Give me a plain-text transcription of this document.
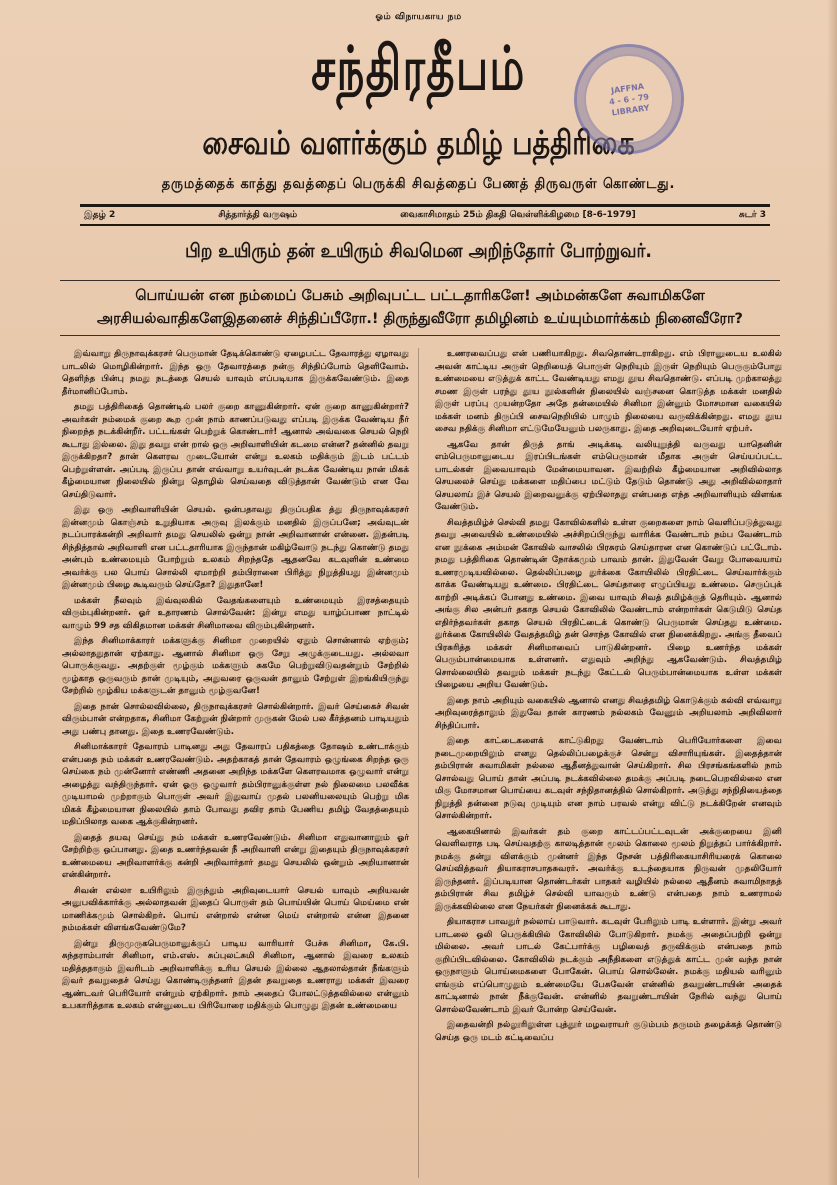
ஓம் விநாயகாய நம
சந்திரதீபம்
சைவம் வளர்க்கும் தமிழ் பத்திரிகை
தருமத்தைக் காத்து தவத்தைப் பெருக்கி சிவத்தைப் பேணத் திருவருள் கொண்டது.
JAFFNA
4 - 6 - 79
LIBRARY
இதழ் 2	சித்தார்த்தி வருஷம்	வைகாசிமாதம் 25ம் திகதி வெள்ளிக்கிழமை [8-6-1979]	சுடர் 3
பிற உயிரும் தன் உயிரும் சிவமென அறிந்தோர் போற்றுவர்.
பொய்யன் என நம்மைப் பேசும் அறிவுபட்ட பட்டதாரிகளே! அம்மன்களே சுவாமிகளே
அரசியல்வாதிகளேஇதனைச் சிந்திப்பீரோ.! திருந்துவீரோ தமிழினம் உய்யும்மார்க்கம் நினைவீரோ?

இவ்வாறு திருநாவுக்கரசர் பெருமான் தேடிக்கொண்டு ஏழைபட்ட தேவாரத்து ஏழாவது பாடலில் மொழிகின்றார். இந்த ஒரு தேவாரத்தை நன்கு சிந்திப்போம் தெளிவோம். தெளிந்த பின்பு நமது நடத்தை செயல் யாவும் எப்படியாக இருக்கவேண்டும். இதை தீர்மானிப்போம்.

தமது பத்திரிகைத் தொண்டில் பலர் குறை காணுகின்றார். ஏன் குறை காணுகின்றார்? அவர்கள் நம்மைக் குறை கூற முன் நாம் காணப்படுவது எப்படி இருக்க வேண்டிய நீர் நிறைந்த நடக்கின்றீர். பட்டங்கள் பெற்றுக் கொண்டார்! ஆனால் அவ்வகை செயல் நெறி கூடாது இல்லை. இது தவறு என் றால் ஒரு அறிவாளியின் கடமை என்ன? தன்னில் தவறு இருக்கிறதா? தான் கௌரவ முடையோன் என்று உலகம் மதிக்கும் இடம் பட்டம் பெற்றுள்ளன். அப்படி இருப்ப தான் எவ்வாறு உயர்வுடன் நடக்க வேண்டிய நான் மிகக் கீழ்மையான நிலையில் நின்று தொழில் செய்வதை விடுத்தான் வேண்டும் என வே செய்திடுவார்.

இது ஒரு அறிவாளியின் செயல். ஒன்பதாவது திருப்பதிக த்து திருநாவுக்கரசர் இன்னமும் கொஞ்சம் உறுதியாக அருவு இலக்கும் மனதில் இருப்பனே; அவ்வுடன் நடப்பாரக்கன்றி அறிவார் தமது செயலில் ஒன்று நான் அறிவானான் என்னை. இதன்படி சிந்தித்தால் அறிவாளி என பட்டதாரியாக இருந்தான் மகிழ்வோடு நடந்து கொண்டு தமது அன்பும் உண்மையும் போற்றும் உலகம் சிறந்ததே ஆதனவே கடவுளின் உண்மை அவர்க்கு பல பொய் சொல்லி ஏமாற்றி தம்பிரானை பிரித்து நிறுத்தியது இன்னமும் இன்னமும் பிழை கூடிவரும் செய்தோ? இதுதானே!

மக்கள் நீலவும் இவ்வுலகில் வேதங்களையும் உண்மையும் இரசத்தையும் விரும்புகின்றனர். ஓர் உதாரணம் சொல்வேன்: இன்று எமது யாழ்ப்பாண நாட்டில் வாழும் 99 சத விகிதமான மக்கள் சினிமாவை விரும்புகின்றனர்.

இந்த சினிமாக்காரர் மக்களுக்கு சினிமா முறையில் ஏதும் சொன்னால் ஏற்கும்; அல்லாததுதான் ஏற்காது. ஆனால் சினிமா ஒரு சேறு அழுக்குடையது. அல்லவா பொருக்குவது. அதற்குள் மூழ்கும் மக்களும் சுகமே பெற்றுவிடுவதன்றும் சேற்றில் மூழ்காத ஒருவரும் தான் முடியும், அதுவரை ஒருவன் தானும் சேற்றுள் இறங்கியிருந்து சேற்றில் மூழ்கிய மக்களுடன் தானும் மூழ்குவனே!

இதை நான் சொல்லவில்லை, திருநாவுக்கரசர் சொல்கின்றார். இவர் செய்கைச் சிவன் விரும்பான் என்றதாக, சினிமா கேற்றுன் நின்றார் முருகன் மேல் பல கீர்த்தனம் பாடியதும் அது பண்பு தானது. இதை உணரவேண்டும்.

சினிமாக்காரர் தேவாரம் பாடினது அது தேவாரப் பதிகத்தை தோஷம் உண்டாக்கும் என்பதை நம் மக்கள் உணரவேண்டும். அதற்காகத் தான் தேவாரம் ஒழுங்கை சிறந்த ஒரு செய்கை நம் முன்னோர் எண்ணி அதனை அறிந்த மக்களே கௌரவமாக ஒழுவார் என்று அழைத்து வந்திருந்தார். ஏன் ஓரு ஒழுவார் தம்பிரானுக்குள்ள நல் நிலைமை பலவீக்க முடியாமல் முற்றாகும் பொருள் அவர் இதுவாய் முதல் பலனியலையும் பெற்று மிக மிகக் கீழ்மையான நிலையில் தாம் போவது தவிர தாம் பேணிய தமிழ் வேதத்தையும் மதிப்பிலாத வகை ஆக்குகின்றனர்.

இதைத் தயவு செய்து நம் மக்கள் உணரவேண்டும். சினிமா எதுவானாலும் ஓர் சேற்றிற்கு ஒப்பானது. இதை உணர்ந்தவன் நீ அறிவாளி என்று இதையும் திருநாவுக்கரசர் உண்மையை அறிவாளர்க்கு கன்றி அறிவார்தார் தமது செயலில் ஒன்றும் அறியானான் என்கின்றார்.

சிவன் எல்லா உயிரிலும் இருந்தும் அறிவுடையார் செயல் யாவும் அறியவன் அனுபவிக்கார்க்கு அல்லாதவன் இதைப் பொருள் தம் பொய்யின் பொய் மெய்மை என் மாணிக்கமும் சொல்கிறர். பொய் என்றால் என்ன மெய் என்றால் என்ன இதனை நம்மக்கள் விளங்கவேண்டுமே?

இன்று திருமுருகபெருமானுக்குப் பாடிய வாரியார் பேச்சு சினிமா, கே.பி. சுந்தராம்பாள் சினிமா, எம்.எஸ். சுப்புலட்சுமி சினிமா, ஆனால் இவரை உலகம் மதித்ததாகும் இவரிடம் அறிவாளிக்கு உரிய செயல் இல்லை ஆதலால்தான் நீங்களும் இவர் தவறுதைச் செய்து கொண்டிருந்தனர் இதன் தவறுதை உணராது மக்கள் இவரை ஆண்டவர் பெரியோர் என்றும் ஏற்கிறார். நாம் அதைப் போலட்டுத்தவில்லை என்னும் உபகாரித்தாக உலகம் என்னுடைய பிரியோரை மதிக்கும் பொழுது இதன் உண்மையை

உணரவைப்பது என் பணியாகிறது. சிவதொண்டராகிறது. எம் பிரானுடைய உலகில் அவன் காட்டிய அருள் நெறியைத் பொருள் நெறியும் இருள் நெறியும் பெருகும்போது உண்மையை எடுத்துக் காட்ட வேண்டியது எமது தூய சிவதொண்டு. எப்படி முற்காலத்து சமண இருள் பரந்து தூய நூல்களின் நிலையில் வஞ்சனை கொடுத்த மக்கள் மனதில் இருள் பரப்பு முயன்றதோ அதே தன்மையில் சினிமா இன்னும் மோசமான வகையில் மக்கள் மனம் திருப்பி சைவநெறியில் பாழும் நிலையை வருவிக்கின்றது. எமது தூய சைவ நதிக்கு சினிமா எட்டுமேயேனும் பலருகாது. இதை அறிவுடையோர் ஏற்பர்.

ஆகவே தான் திருத் தாங் அடிக்கடி வலியுறுத்தி வருவது யாதெனின் எம்பெருமானுடைய இரப்பிடங்கள் எம்பெருமான் மீதாக அருள் செய்யப்பட்ட பாடல்கள் இவையாவும் மேன்மையாவன. இவற்றில் கீழ்மையான அறிவில்லாத செயலைச் செய்து மக்களை மதிப்பை மட்டும் தேடும் தொண்டு அது அறிவில்லாதார் செயலாய் இச் செயல் இறைவனுக்கு ஏற்பிலாதது என்பதை எந்த அறிவாளியும் விளங்க வேண்டும்.

சிவத்தமிழ்ச் செல்வி தமது கோவில்களில் உள்ள குறைகளை நாம் வெளிப்படுத்துவது தவறு அவையில் உண்மையில் அச்சிறப்பிருந்து வாரிக்க வேண்டாம் நம்ப வேண்டாம் என நூக்கை அம்மன் கோவில் வாசலில் பிரசுரம் செய்தாரன என கொண்டுப் பட்டோம். நமது பத்திரிகை தொண்டின் நோக்கமும் பாவம் தான். இதுவேன் வேறு போவையாய் உணரமுடியவில்லை. தெல்லிப்பழை துர்க்கை கோயிலில் பிரதிட்டை செய்வார்க்கும் காக்க வேண்டியது உண்மை. பிரதிட்டை செய்தாரை எழுப்பியது உண்மை. செருப்புக் காற்றி அடிக்கப் போனது உண்மை. இவை யாவும் சிவத் தமிழ்க்குத் தெரியும். ஆனால் அங்கு சில அன்பர் தகாத செயல் கோவிலில் வேண்டாம் என்றார்கள் கெடுமிடு செய்த எதிர்ந்தவர்கள் தகாத செயல் பிரதிட்டைக் கொண்டு பெருமான் செய்தது உண்மை. துர்க்கை கோயிலில் வேதத்தமிழ் தன் சொந்த கோவில் என நினைக்கிறது. அங்கு தீவைப் பிரசுரித்த மக்கள் சினிமாவைப் பாடுகின்றனர். பிழை உணர்ந்த மக்கள் பெரும்பான்மையாக உள்ளனர். எதுவும் அறிந்து ஆகவேண்டும். சிவத்தமிழ் சொல்லையில் தவறும் மக்கள் நடந்து கேட்டல் பெரும்பான்மையாக உள்ள மக்கள் பிழையை அறிய வேண்டும்.

இதை நாம் அறியும் வகையில் ஆனால் எனது சிவத்தமிழ் கொடுக்கும் கல்வி எவ்வாறு அறிவுரைத்தாலும் இதுவே தான் காரணம் நல்லகம் வேணும் அறியலாம் அறிவிலார் சிந்திப்பார்.

இதை காட்டைகளைக் காட்டுகிறது வேண்டாம் பெரியோர்களை இவை நடைமுறையிலும் எனது தெல்லிப்பழைக்குச் சென்று விசாரியுங்கள். இதைத்தான் தம்பிரான் சுவாமிகள் நல்லை ஆதீனத்துவான் செய்கிறார். சில பிரசங்கங்களில் நாம் சொல்வது பொய் தான் அப்படி நடக்கவில்லை தமக்கு அப்படி நடைபெறவில்லை என மிகு மோசமான பொய்யை கடவுள் சந்நிதானத்தில் சொல்கிறார். அடுத்து சந்நிதியைத்தை நிறுத்தி தன்னை நடுவு முடியும் என நாம் பரவல் என்று விட்டு நடக்கிறேன் எனவும் சொல்கின்றார்.

ஆகையினால் இவர்கள் தம் குறை காட்டப்பட்டவுடன் அக்குறையை இனி வெளிவராத படி செய்வதற்கு காலடித்தான் மூலம் கொலை மூலம் நிறுத்தப் பார்க்கிறார். நமக்கு தன்று விளக்கும் முன்னர் இந்த நேசன் பத்திரிகையாசிரியரைக் கொலை செய்வித்தவர் தியாகராசபாதசுவரர். அவர்க்கு உடந்தையாக நிருவன் முதலியோர் இருந்தனர். இப்படியான தொண்டர்கள் பாதகர் வழியில் நல்லை ஆதீனம் சுவாமிநாதத் தம்பிரான் சிவ தமிழ்ச் செல்வி யாவரும் உண்டு என்பதை நாம் உணராமல் இருக்கவில்லை என நேயர்கள் நினைக்கக் கூடாது.

தியாகராச பாவதுர் நல்லாய் பாடுவார். கடவுள் பேரிலும் பாடி உள்ளார். இன்று அவர் பாடலை ஒலி பெருக்கியில் கோவிலில் போடுகிறார். நமக்கு அதைப்பற்றி ஒன்று மில்லை. அவர் பாடல் கேட்பார்க்கு பழிவைத் தருவிக்கும் என்பதை நாம் குறிப்பிடவில்லை. கோவிலில் நடக்கும் அநீதிகளை எடுத்துக் காட்ட முன் வந்த நான் ஒருநாளும் பொய்மைகளை போகேன். பொய் சொல்லேன். நமக்கு மதியல் வரினும் எங்கும் எப்பொழுதும் உண்மையே பேசுவேன் என்னில் தவறுண்டாயின் அதைக் காட்டினால் நான் நீக்குவேன். என்னில் தவறுண்டாயின் நேரில் வந்து பொய் சொல்லவேண்டாம் இவர் போன்ற செய்வேன்.

இதைவன்றி நல்லூரிலுள்ள புத்தூர் மழவராயர் குடும்பம் தருமம் தழைக்கத் தொண்டு செய்த ஒரு மடம் கட்டிவைப்ப
